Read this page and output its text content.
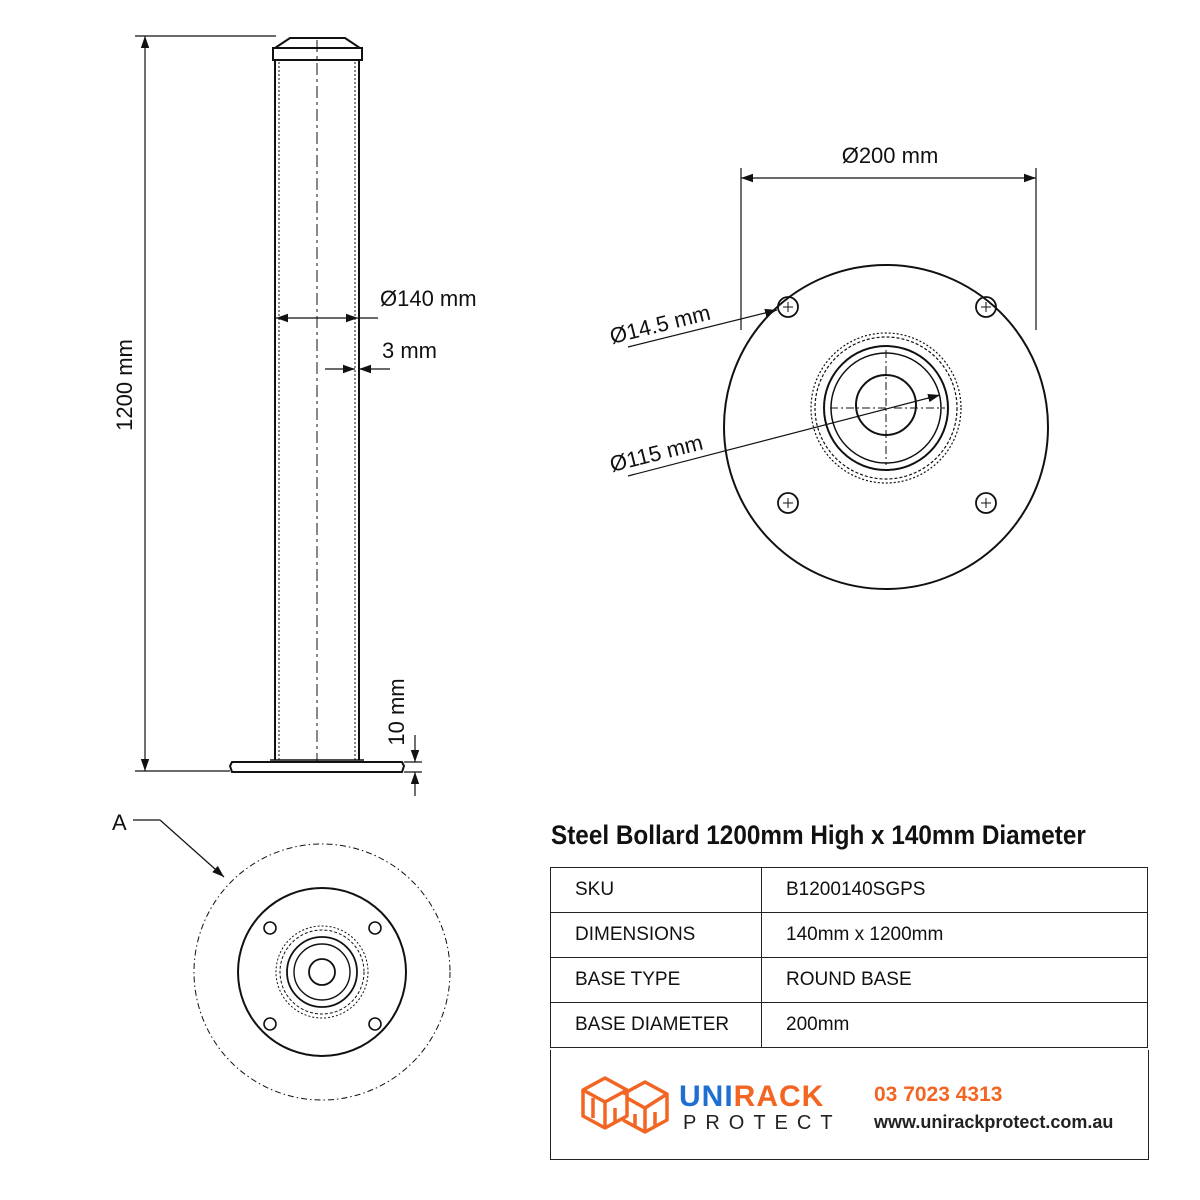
1200 mm
Ø140 mm
3 mm
10 mm
Ø200 mm
Ø14.5 mm
Ø115 mm
A	Steel Bollard 1200mm High x 140mm Diameter
SKU	B1200140SGPS
DIMENSIONS	140mm x 1200mm
BASE TYPE	ROUND BASE
BASE DIAMETER	200mm
UNIRACK
PROTECT
03 7023 4313
www.unirackprotect.com.au
